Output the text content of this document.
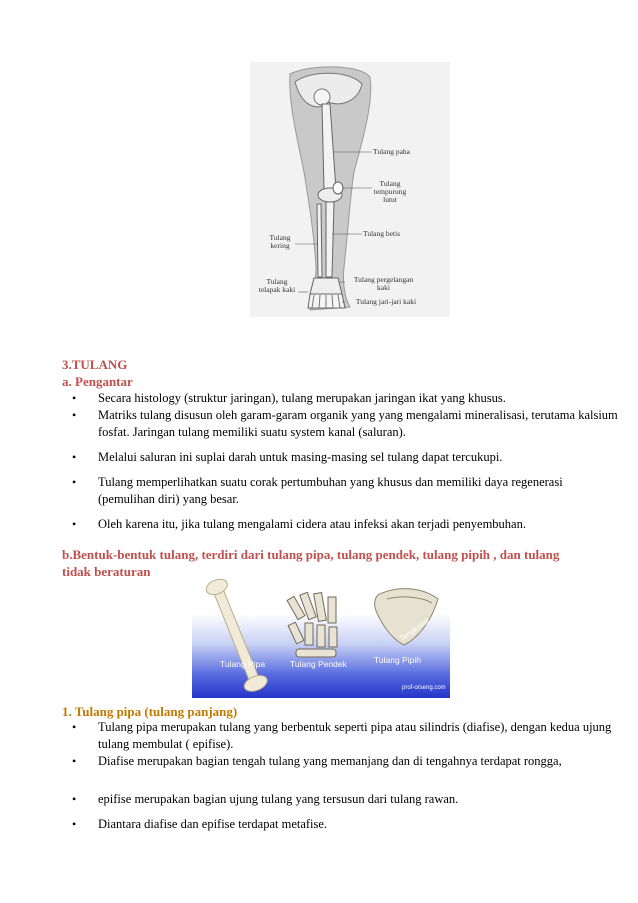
Tulang paha
Tulang
tempurung
lutut
Tulang betis
Tulang
kering
Tulang pergelangan
kaki
Tulang
telapak kaki
Tulang jari-jari kaki
3.TULANG
a. Pengantar
• Secara histology (struktur jaringan), tulang merupakan jaringan ikat yang khusus.
• Matriks tulang disusun oleh garam-garam organik yang yang mengalami mineralisasi, terutama kalsium fosfat. Jaringan tulang memiliki suatu system kanal (saluran).
• Melalui saluran ini suplai darah untuk masing-masing sel tulang dapat tercukupi.
• Tulang memperlihatkan suatu corak pertumbuhan yang khusus dan memiliki daya regenerasi (pemulihan diri) yang besar.
• Oleh karena itu, jika tulang mengalami cidera atau infeksi akan terjadi penyembuhan.
b.Bentuk-bentuk tulang, terdiri dari tulang pipa, tulang pendek, tulang pipih , dan tulang tidak beraturan
Paha
Pangkal Tangan
Tengkorak
Tulang Pipa	Tulang Pendek	Tulang Pipih
prof-orseng.com
1. Tulang pipa (tulang panjang)
• Tulang pipa merupakan tulang yang berbentuk seperti pipa atau silindris (diafise), dengan kedua ujung tulang membulat ( epifise).
• Diafise merupakan bagian tengah tulang yang memanjang dan di tengahnya terdapat rongga,
• epifise merupakan bagian ujung tulang yang tersusun dari tulang rawan.
• Diantara diafise dan epifise terdapat metafise.
